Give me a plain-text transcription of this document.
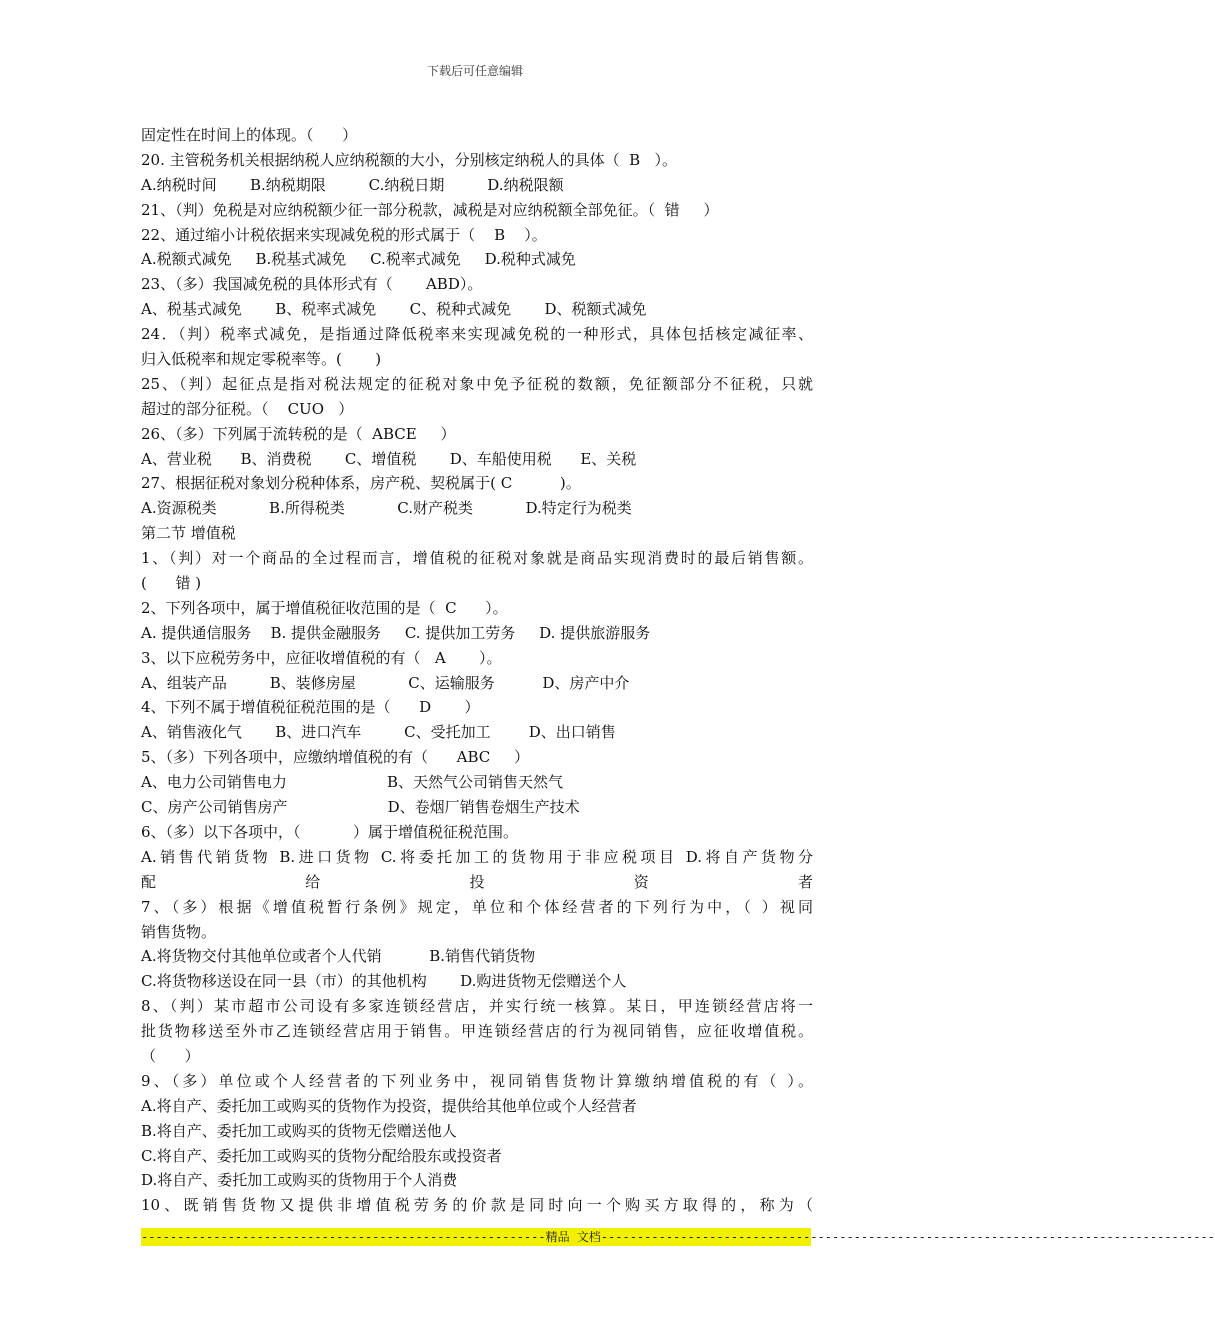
下载后可任意编辑
固定性在时间上的体现。（      ）
20. 主管税务机关根据纳税人应纳税额的大小，分别核定纳税人的具体（  B   ）。
A.纳税时间       B.纳税期限         C.纳税日期         D.纳税限额
21、（判）免税是对应纳税额少征一部分税款，减税是对应纳税额全部免征。（  错     ）
22、通过缩小计税依据来实现减免税的形式属于（    B    ）。
A.税额式减免     B.税基式减免     C.税率式减免     D.税种式减免
23、（多）我国减免税的具体形式有（       ABD）。
A、税基式减免       B、税率式减免       C、税种式减免       D、税额式减免
24．（判）税率式减免，是指通过降低税率来实现减免税的一种形式，具体包括核定减征率、
归入低税率和规定零税率等。(       )
25、（判）起征点是指对税法规定的征税对象中免予征税的数额，免征额部分不征税，只就
超过的部分征税。（    CUO   ）
26、（多）下列属于流转税的是（  ABCE     ）
A、营业税      B、消费税       C、增值税       D、车船使用税      E、关税
27、根据征税对象划分税种体系，房产税、契税属于( C          )。
A.资源税类           B.所得税类           C.财产税类           D.特定行为税类
第二节 增值税
1、（判）对一个商品的全过程而言，增值税的征税对象就是商品实现消费时的最后销售额。
(      错 )
2、下列各项中，属于增值税征收范围的是（  C      ）。
A. 提供通信服务    B. 提供金融服务     C. 提供加工劳务     D. 提供旅游服务
3、以下应税劳务中，应征收增值税的有（   A       ）。
A、组装产品         B、装修房屋           C、运输服务          D、房产中介
4、下列不属于增值税征税范围的是（      D       ）
A、销售液化气       B、进口汽车         C、受托加工        D、出口销售
5、（多）下列各项中，应缴纳增值税的有（      ABC     ）
A、电力公司销售电力                     B、天然气公司销售天然气
C、房产公司销售房产                     D、卷烟厂销售卷烟生产技术
6、（多）以下各项中，（           ）属于增值税征税范围。
A.销售代销货物 B.进口货物 C.将委托加工的货物用于非应税项目 D.将自产货物分
配给投资者
7、（多）根据《增值税暂行条例》规定，单位和个体经营者的下列行为中，（ ）视同
销售货物。
A.将货物交付其他单位或者个人代销          B.销售代销货物
C.将货物移送设在同一县（市）的其他机构       D.购进货物无偿赠送个人
8、（判）某市超市公司设有多家连锁经营店，并实行统一核算。某日，甲连锁经营店将一
批货物移送至外市乙连锁经营店用于销售。甲连锁经营店的行为视同销售，应征收增值税。
（      ）
9、（多）单位或个人经营者的下列业务中，视同销售货物计算缴纳增值税的有（ ）。
A.将自产、委托加工或购买的货物作为投资，提供给其他单位或个人经营者
B.将自产、委托加工或购买的货物无偿赠送他人
C.将自产、委托加工或购买的货物分配给股东或投资者
D.将自产、委托加工或购买的货物用于个人消费
10、既销售货物又提供非增值税劳务的价款是同时向一个购买方取得的，称为（
--------------------------------------------------------精品 文档-------------------------------------------------------------------------------------
